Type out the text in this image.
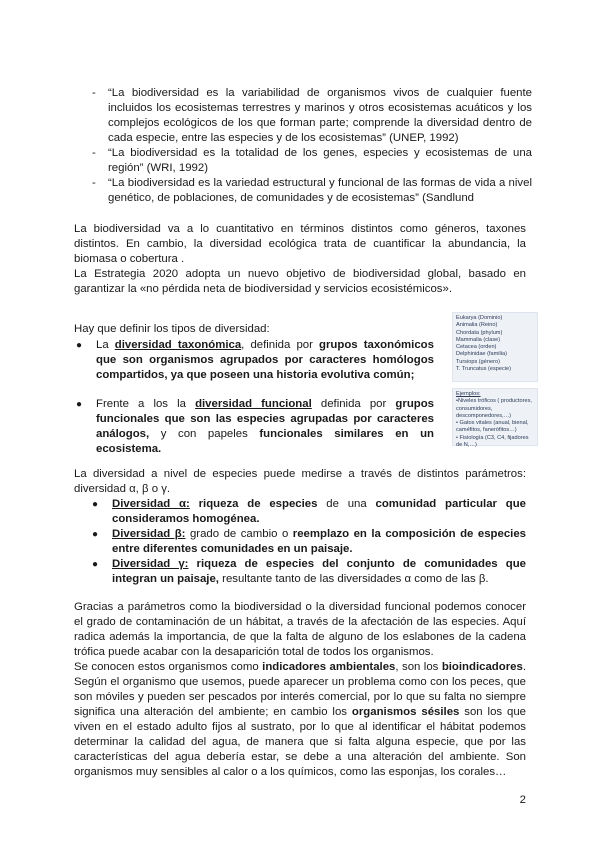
- “La biodiversidad es la variabilidad de organismos vivos de cualquier fuente incluidos los ecosistemas terrestres y marinos y otros ecosistemas acuáticos y los complejos ecológicos de los que forman parte; comprende la diversidad dentro de cada especie, entre las especies y de los ecosistemas” (UNEP, 1992)

- “La biodiversidad es la totalidad de los genes, especies y ecosistemas de una región” (WRI, 1992)

- “La biodiversidad es la variedad estructural y funcional de las formas de vida a nivel genético, de poblaciones, de comunidades y de ecosistemas” (Sandlund

La biodiversidad va a lo cuantitativo en términos distintos como géneros, taxones distintos. En cambio, la diversidad ecológica trata de cuantificar la abundancia, la biomasa o cobertura .

La Estrategia 2020 adopta un nuevo objetivo de biodiversidad global, basado en garantizar la «no pérdida neta de biodiversidad y servicios ecosistémicos».

Hay que definir los tipos de diversidad:

● La diversidad taxonómica, definida por grupos taxonómicos que son organismos agrupados por caracteres homólogos compartidos, ya que poseen una historia evolutiva común;

● Frente a los la diversidad funcional definida por grupos funcionales que son las especies agrupadas por caracteres análogos, y con papeles funcionales similares en un ecosistema.

Eukarya (Dominio)
Animalia (Reino)
Chordata (phylum)
Mammalia (clase)
Cetacea (orden)
Delphinidae (familia)
Tursiops (género)
T. Truncatus (especie)
Ejemplos:
•Niveles tróficos ( productores, consumidores,
descomponedores,…)
• Gatos vitales (anual, bienal, caméfitos, fanerófitos…)
• Fisiología (C3, C4, fijadores de N,…)

La diversidad a nivel de especies puede medirse a través de distintos parámetros: diversidad α, β o γ.

● Diversidad α: riqueza de especies de una comunidad particular que consideramos homogénea.

● Diversidad β: grado de cambio o reemplazo en la composición de especies entre diferentes comunidades en un paisaje.

● Diversidad γ: riqueza de especies del conjunto de comunidades que integran un paisaje, resultante tanto de las diversidades α como de las β.

Gracias a parámetros como la biodiversidad o la diversidad funcional podemos conocer el grado de contaminación de un hábitat, a través de la afectación de las especies. Aquí radica además la importancia, de que la falta de alguno de los eslabones de la cadena trófica puede acabar con la desaparición total de todos los organismos.

Se conocen estos organismos como indicadores ambientales, son los bioindicadores. Según el organismo que usemos, puede aparecer un problema como con los peces, que son móviles y pueden ser pescados por interés comercial, por lo que su falta no siempre significa una alteración del ambiente; en cambio los organismos sésiles son los que viven en el estado adulto fijos al sustrato, por lo que al identificar el hábitat podemos determinar la calidad del agua, de manera que si falta alguna especie, que por las características del agua debería estar, se debe a una alteración del ambiente. Son organismos muy sensibles al calor o a los químicos, como las esponjas, los corales…

2
